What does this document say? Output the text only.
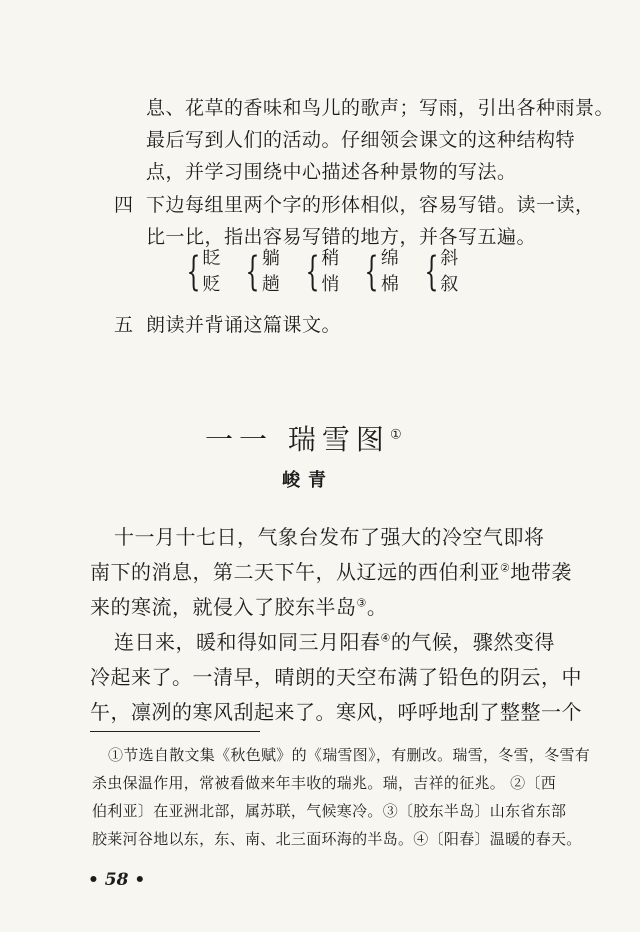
息、花草的香味和鸟儿的歌声；写雨，引出各种雨景。
最后写到人们的活动。仔细领会课文的这种结构特
点，并学习围绕中心描述各种景物的写法。
四 下边每组里两个字的形体相似，容易写错。读一读，
比一比，指出容易写错的地方，并各写五遍。
{ 眨
贬 { 躺
趟 { 稍
悄 { 绵
棉 { 斜
叙
五 朗读并背诵这篇课文。
一一 瑞雪图①
峻青
十一月十七日，气象台发布了强大的冷空气即将
南下的消息，第二天下午，从辽远的西伯利亚②地带袭
来的寒流，就侵入了胶东半岛③。
连日来，暖和得如同三月阳春④的气候，骤然变得
冷起来了。一清早，晴朗的天空布满了铅色的阴云，中
午，凛冽的寒风刮起来了。寒风，呼呼地刮了整整一个
①节选自散文集《秋色赋》的《瑞雪图》，有删改。瑞雪，冬雪，冬雪有
杀虫保温作用，常被看做来年丰收的瑞兆。瑞，吉祥的征兆。 ②〔西
伯利亚〕在亚洲北部，属苏联，气候寒冷。③〔胶东半岛〕山东省东部
胶莱河谷地以东，东、南、北三面环海的半岛。④〔阳春〕温暖的春天。
• 58 •
